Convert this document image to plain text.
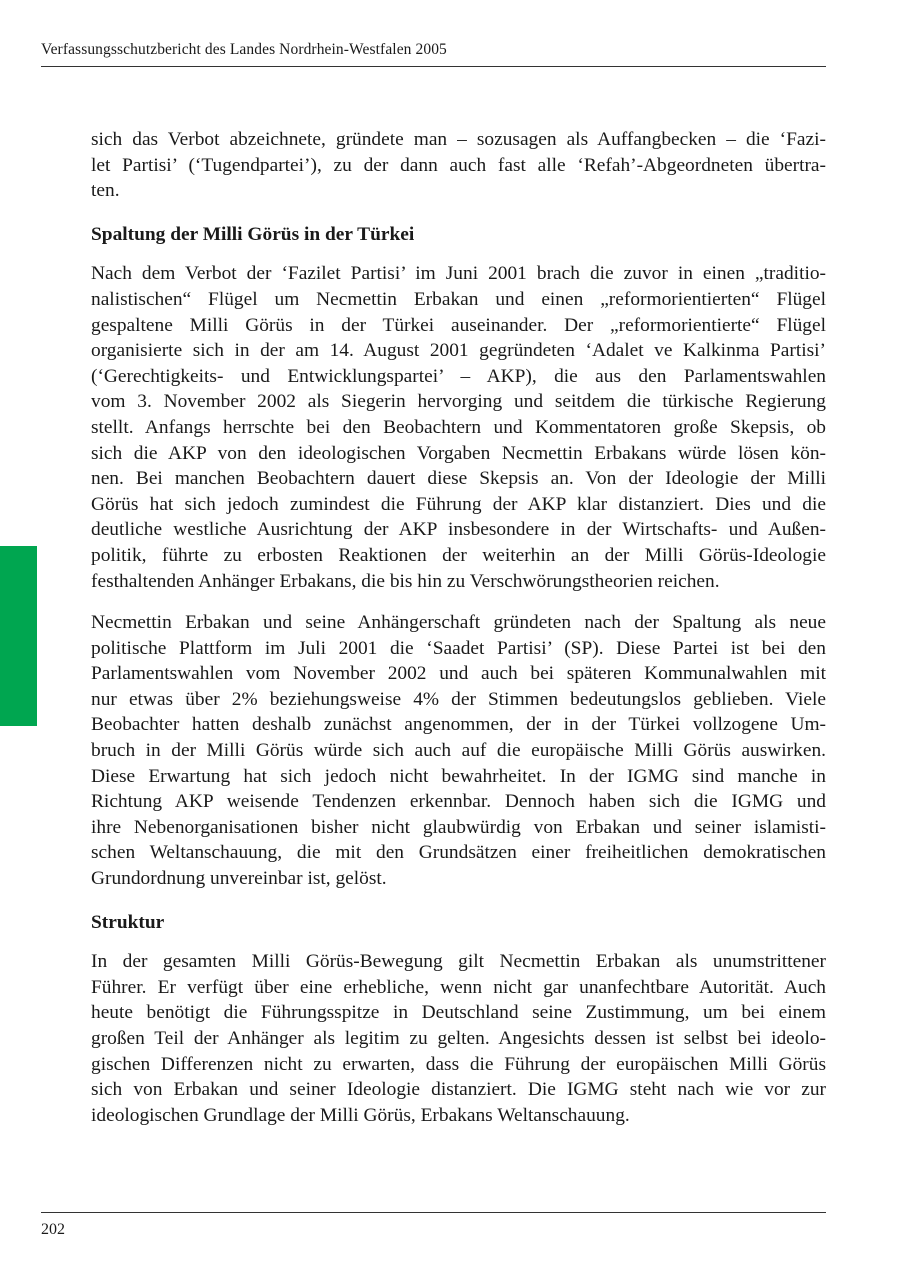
Verfassungsschutzbericht des Landes Nordrhein-Westfalen 2005

sich das Verbot abzeichnete, gründete man – sozusagen als Auffangbecken – die ‘Fazi-
let Partisi’ (‘Tugendpartei’), zu der dann auch fast alle ‘Refah’-Abgeordneten übertra-
ten.

Spaltung der Milli Görüs in der Türkei

Nach dem Verbot der ‘Fazilet Partisi’ im Juni 2001 brach die zuvor in einen „traditio-
nalistischen“ Flügel um Necmettin Erbakan und einen „reformorientierten“ Flügel
gespaltene Milli Görüs in der Türkei auseinander. Der „reformorientierte“ Flügel
organisierte sich in der am 14. August 2001 gegründeten ‘Adalet ve Kalkinma Partisi’
(‘Gerechtigkeits- und Entwicklungspartei’ – AKP), die aus den Parlamentswahlen
vom 3. November 2002 als Siegerin hervorging und seitdem die türkische Regierung
stellt. Anfangs herrschte bei den Beobachtern und Kommentatoren große Skepsis, ob
sich die AKP von den ideologischen Vorgaben Necmettin Erbakans würde lösen kön-
nen. Bei manchen Beobachtern dauert diese Skepsis an. Von der Ideologie der Milli
Görüs hat sich jedoch zumindest die Führung der AKP klar distanziert. Dies und die
deutliche westliche Ausrichtung der AKP insbesondere in der Wirtschafts- und Außen-
politik, führte zu erbosten Reaktionen der weiterhin an der Milli Görüs-Ideologie
festhaltenden Anhänger Erbakans, die bis hin zu Verschwörungstheorien reichen.

Necmettin Erbakan und seine Anhängerschaft gründeten nach der Spaltung als neue
politische Plattform im Juli 2001 die ‘Saadet Partisi’ (SP). Diese Partei ist bei den
Parlamentswahlen vom November 2002 und auch bei späteren Kommunalwahlen mit
nur etwas über 2% beziehungsweise 4% der Stimmen bedeutungslos geblieben. Viele
Beobachter hatten deshalb zunächst angenommen, der in der Türkei vollzogene Um-
bruch in der Milli Görüs würde sich auch auf die europäische Milli Görüs auswirken.
Diese Erwartung hat sich jedoch nicht bewahrheitet. In der IGMG sind manche in
Richtung AKP weisende Tendenzen erkennbar. Dennoch haben sich die IGMG und
ihre Nebenorganisationen bisher nicht glaubwürdig von Erbakan und seiner islamisti-
schen Weltanschauung, die mit den Grundsätzen einer freiheitlichen demokratischen
Grundordnung unvereinbar ist, gelöst.

Struktur

In der gesamten Milli Görüs-Bewegung gilt Necmettin Erbakan als unumstrittener
Führer. Er verfügt über eine erhebliche, wenn nicht gar unanfechtbare Autorität. Auch
heute benötigt die Führungsspitze in Deutschland seine Zustimmung, um bei einem
großen Teil der Anhänger als legitim zu gelten. Angesichts dessen ist selbst bei ideolo-
gischen Differenzen nicht zu erwarten, dass die Führung der europäischen Milli Görüs
sich von Erbakan und seiner Ideologie distanziert. Die IGMG steht nach wie vor zur
ideologischen Grundlage der Milli Görüs, Erbakans Weltanschauung.

202
